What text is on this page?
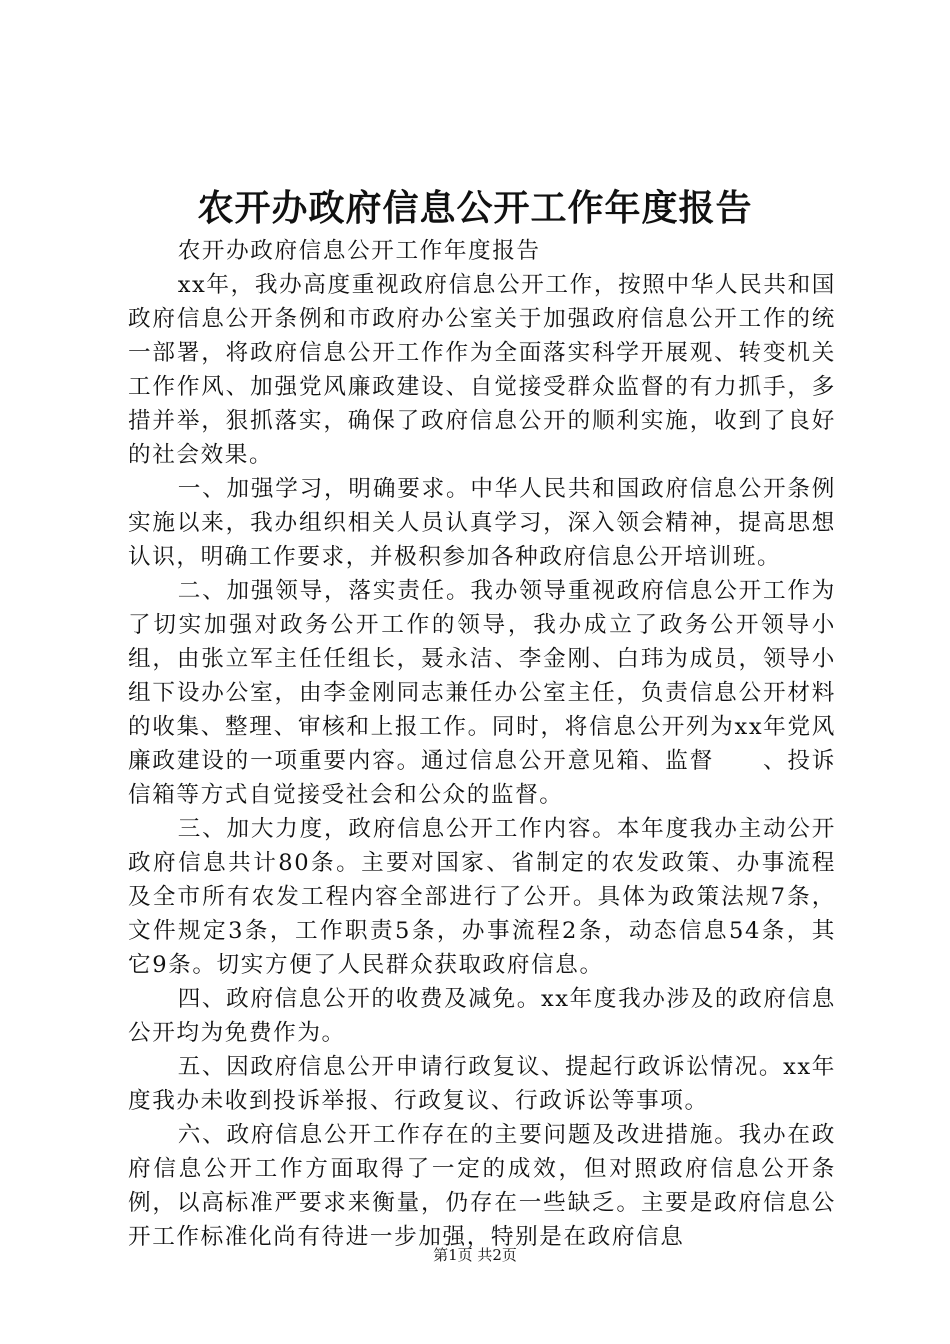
农开办政府信息公开工作年度报告

农开办政府信息公开工作年度报告

xx年，我办高度重视政府信息公开工作，按照中华人民共和国政府信息公开条例和市政府办公室关于加强政府信息公开工作的统一部署，将政府信息公开工作作为全面落实科学开展观、转变机关工作作风、加强党风廉政建设、自觉接受群众监督的有力抓手，多措并举，狠抓落实，确保了政府信息公开的顺利实施，收到了良好的社会效果。

一、加强学习，明确要求。中华人民共和国政府信息公开条例实施以来，我办组织相关人员认真学习，深入领会精神，提高思想认识，明确工作要求，并极积参加各种政府信息公开培训班。

二、加强领导，落实责任。我办领导重视政府信息公开工作为了切实加强对政务公开工作的领导，我办成立了政务公开领导小组，由张立军主任任组长，聂永洁、李金刚、白玮为成员，领导小组下设办公室，由李金刚同志兼任办公室主任，负责信息公开材料的收集、整理、审核和上报工作。同时，将信息公开列为xx年党风廉政建设的一项重要内容。通过信息公开意见箱、监督　　、投诉信箱等方式自觉接受社会和公众的监督。

三、加大力度，政府信息公开工作内容。本年度我办主动公开政府信息共计80条。主要对国家、省制定的农发政策、办事流程及全市所有农发工程内容全部进行了公开。具体为政策法规7条，文件规定3条，工作职责5条，办事流程2条，动态信息54条，其它9条。切实方便了人民群众获取政府信息。

四、政府信息公开的收费及减免。xx年度我办涉及的政府信息公开均为免费作为。

五、因政府信息公开申请行政复议、提起行政诉讼情况。xx年度我办未收到投诉举报、行政复议、行政诉讼等事项。

六、政府信息公开工作存在的主要问题及改进措施。我办在政府信息公开工作方面取得了一定的成效，但对照政府信息公开条例，以高标准严要求来衡量，仍存在一些缺乏。主要是政府信息公开工作标准化尚有待进一步加强，特别是在政府信息

第1页 共2页
